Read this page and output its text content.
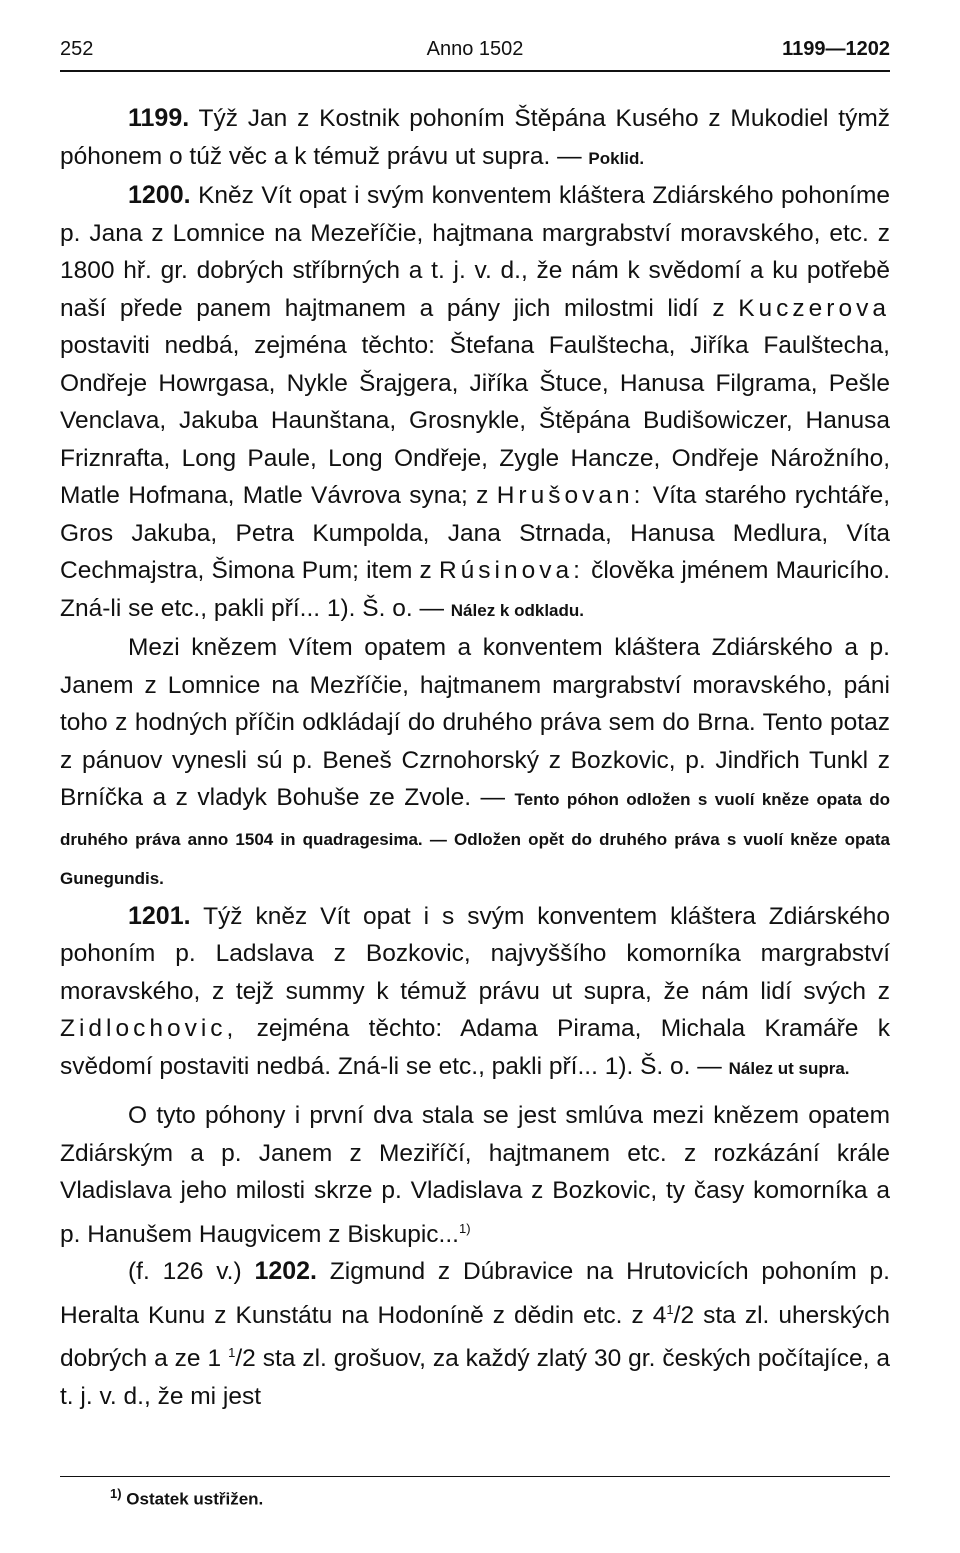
252	Anno 1502	1199—1202

1199. Týž Jan z Kostnik pohoním Štěpána Kusého z Mukodiel týmž póhonem o túž věc a k témuž právu ut supra. — Poklid.

1200. Kněz Vít opat i svým konventem kláštera Zdiárského pohoníme p. Jana z Lomnice na Mezeříčie, hajtmana margrabství moravského, etc. z 1800 hř. gr. dobrých stříbrných a t. j. v. d., že nám k svědomí a ku potřebě naší přede panem hajtmanem a pány jich milostmi lidí z Kuczerova postaviti nedbá, zejména těchto: Štefana Faulštecha, Jiříka Faulštecha, Ondřeje Howrgasa, Nykle Šrajgera, Jiříka Štuce, Hanusa Filgrama, Pešle Venclava, Jakuba Haunštana, Grosnykle, Štěpána Budišowiczer, Hanusa Friznrafta, Long Paule, Long Ondřeje, Zygle Hancze, Ondřeje Nárožního, Matle Hofmana, Matle Vávrova syna; z Hrušovan: Víta starého rychtáře, Gros Jakuba, Petra Kumpolda, Jana Strnada, Hanusa Medlura, Víta Cechmajstra, Šimona Pum; item z Rúsinova: člověka jménem Mauricího. Zná-li se etc., pakli pří... 1). Š. o. — Nález k odkladu.

Mezi knězem Vítem opatem a konventem kláštera Zdiárského a p. Janem z Lomnice na Mezříčie, hajtmanem margrabství moravského, páni toho z hodných příčin odkládají do druhého práva sem do Brna. Tento potaz z pánuov vynesli sú p. Beneš Czrnohorský z Bozkovic, p. Jindřich Tunkl z Brníčka a z vladyk Bohuše ze Zvole. — Tento póhon odložen s vuolí kněze opata do druhého práva anno 1504 in quadragesima. — Odložen opět do druhého práva s vuolí kněze opata Gunegundis.

1201. Týž kněz Vít opat i s svým konventem kláštera Zdiárského pohoním p. Ladslava z Bozkovic, najvyššího komorníka margrabství moravského, z tejž summy k témuž právu ut supra, že nám lidí svých z Zidlochovic, zejména těchto: Adama Pirama, Michala Kramáře k svědomí postaviti nedbá. Zná-li se etc., pakli pří... 1). Š. o. — Nález ut supra.

O tyto póhony i první dva stala se jest smlúva mezi knězem opatem Zdiárským a p. Janem z Meziříčí, hajtmanem etc. z rozkázání krále Vladislava jeho milosti skrze p. Vladislava z Bozkovic, ty časy komorníka a p. Hanušem Haugvicem z Biskupic...$^{1)}$

(f. 126 v.) 1202. Zigmund z Dúbravice na Hrutovicích pohoním p. Heralta Kunu z Kunstátu na Hodoníně z dědin etc. z $4^1/2$ sta zl. uherských dobrých a ze 1 $^1$/2 sta zl. grošuov, za každý zlatý 30 gr. českých počítajíce, a t. j. v. d., že mi jest

$^{1)}$ Ostatek ustřižen.
